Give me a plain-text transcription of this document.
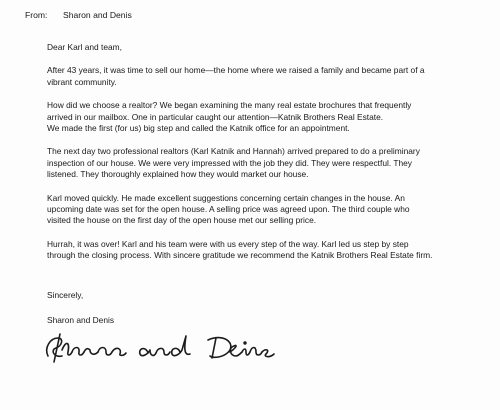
From: Sharon and Denis

Dear Karl and team,

After 43 years, it was time to sell our home—the home where we raised a family and became part of a
vibrant community.

How did we choose a realtor? We began examining the many real estate brochures that frequently
arrived in our mailbox. One in particular caught our attention—Katnik Brothers Real Estate.
We made the first (for us) big step and called the Katnik office for an appointment.

The next day two professional realtors (Karl Katnik and Hannah) arrived prepared to do a preliminary
inspection of our house. We were very impressed with the job they did. They were respectful. They
listened. They thoroughly explained how they would market our house.

Karl moved quickly. He made excellent suggestions concerning certain changes in the house. An
upcoming date was set for the open house. A selling price was agreed upon. The third couple who
visited the house on the first day of the open house met our selling price.

Hurrah, it was over! Karl and his team were with us every step of the way. Karl led us step by step
through the closing process. With sincere gratitude we recommend the Katnik Brothers Real Estate firm.

Sincerely,
Sharon and Denis
